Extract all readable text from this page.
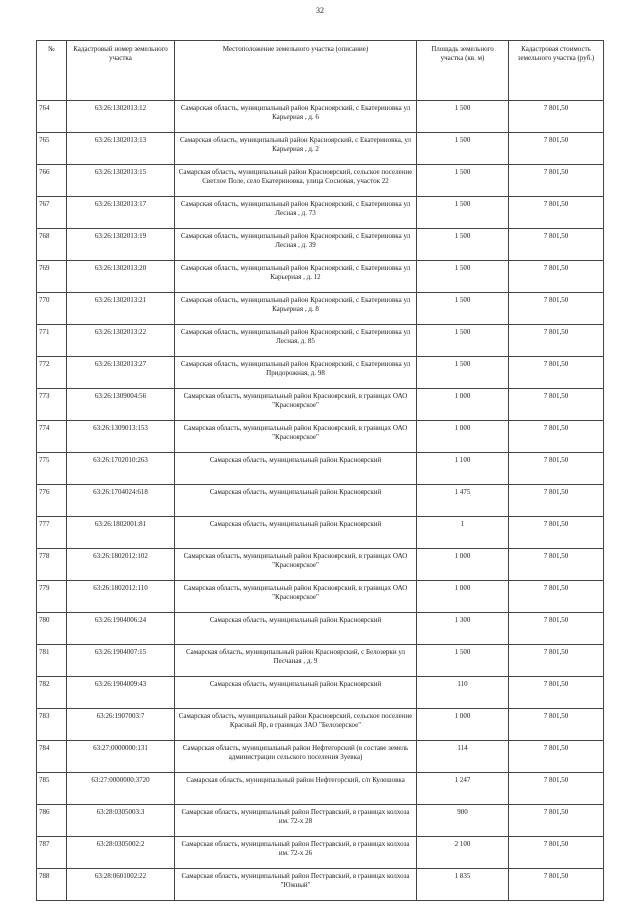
32
№	Кадастровый номер земельного участка	Местоположение земельного участка (описание)	Площадь земельного участка (кв. м)	Кадастровая стоимость земельного участка (руб.)
764	63:26:1302013:12	Самарская область, муниципальный район Красноярский, с Екатериновка ул Карьерная , д. 6	1 500	7 801,50
765	63:26:1302013:13	Самарская область, муниципальный район Красноярский, с Екатериновка, ул Карьерная , д. 2	1 500	7 801,50
766	63:26:1302013:15	Самарская область, муниципальный район Красноярский, сельское поселение Светлое Поле, село Екатериновка, улица Сосновая, участок 22	1 500	7 801,50
767	63:26:1302013:17	Самарская область, муниципальный район Красноярский, с Екатериновка ул Лесная , д. 73	1 500	7 801,50
768	63:26:1302013:19	Самарская область, муниципальный район Красноярский, с Екатериновка ул Лесная , д. 39	1 500	7 801,50
769	63:26:1302013:20	Самарская область, муниципальный район Красноярский, с Екатериновка ул Карьерная , д. 12	1 500	7 801,50
770	63:26:1302013:21	Самарская область, муниципальный район Красноярский, с Екатериновка ул Карьерная , д. 8	1 500	7 801,50
771	63:26:1302013:22	Самарская область, муниципальный район Красноярский, с Екатериновка ул Лесная, д. 85	1 500	7 801,50
772	63:26:1302013:27	Самарская область, муниципальный район Красноярский, с Екатериновка ул Придорожная, д. 98	1 500	7 801,50
773	63:26:1309004:56	Самарская область, муниципальный район Красноярский, в границах ОАО "Красноярское"	1 000	7 801,50
774	63:26:1309013:153	Самарская область, муниципальный район Красноярский, в границах ОАО "Красноярское"	1 000	7 801,50
775	63:26:1702010:263	Самарская область, муниципальный район Красноярский	1 100	7 801,50
776	63:26:1704024:618	Самарская область, муниципальный район Красноярский	1 475	7 801,50
777	63:26:1802001:81	Самарская область, муниципальный район Красноярский	1	7 801,50
778	63:26:1802012:102	Самарская область, муниципальный район Красноярский, в границах ОАО "Красноярское"	1 000	7 801,50
779	63:26:1802012:110	Самарская область, муниципальный район Красноярский, в границах ОАО "Красноярское"	1 000	7 801,50
780	63:26:1904006:24	Самарская область, муниципальный район Красноярский	1 300	7 801,50
781	63:26:1904007:15	Самарская область, муниципальный район Красноярский, с Белозерки ул Песчаная , д. 9	1 500	7 801,50
782	63:26:1904009:43	Самарская область, муниципальный район Красноярский	110	7 801,50
783	63:26:1907003:7	Самарская область, муниципальный район Красноярский, сельское поселение Красный Яр, в границах ЗАО "Белозерское"	1 000	7 801,50
784	63:27:0000000:131	Самарская область, муниципальный район Нефтегорский (в составе земель администрации сельского поселения Зуевка)	114	7 801,50
785	63:27:0000000:3720	Самарская область, муниципальный район Нефтегорский, с/п Кулешовка	1 247	7 801,50
786	63:28:0305003:3	Самарская область, муниципальный район Пестравский, в границах колхоза им. 72-х 28	900	7 801,50
787	63:28:0305002:2	Самарская область, муниципальный район Пестравский, в границах колхоза им. 72-х 26	2 100	7 801,50
788	63:28:0601002:22	Самарская область, муниципальный район Пестравский, в границах колхоза "Южный"	1 835	7 801,50
